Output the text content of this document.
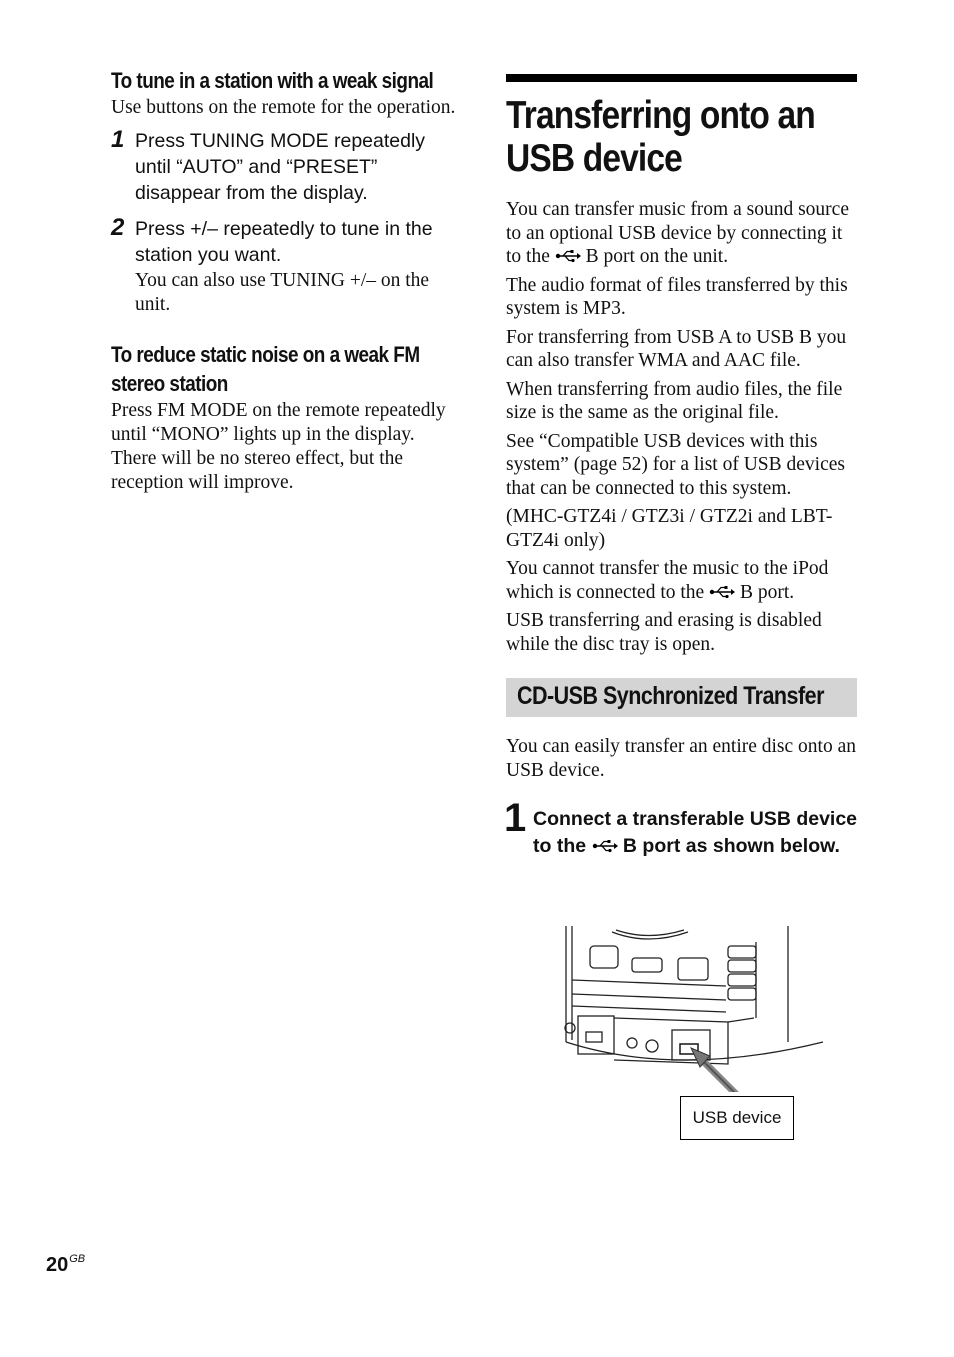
To tune in a station with a weak signal

Use buttons on the remote for the operation.

1 Press TUNING MODE repeatedly until “AUTO” and “PRESET” disappear from the display.

2 Press +/– repeatedly to tune in the station you want.

You can also use TUNING +/– on the unit.

To reduce static noise on a weak FM stereo station

Press FM MODE on the remote repeatedly until “MONO” lights up in the display. There will be no stereo effect, but the reception will improve.

Transferring onto an USB device

You can transfer music from a sound source to an optional USB device by connecting it to the B port on the unit.

The audio format of files transferred by this system is MP3.

For transferring from USB A to USB B you can also transfer WMA and AAC file.

When transferring from audio files, the file size is the same as the original file.

See “Compatible USB devices with this system” (page 52) for a list of USB devices that can be connected to this system.

(MHC-GTZ4i / GTZ3i / GTZ2i and LBT-GTZ4i only)

You cannot transfer the music to the iPod which is connected to the B port.

USB transferring and erasing is disabled while the disc tray is open.

CD-USB Synchronized Transfer

You can easily transfer an entire disc onto an USB device.

1 Connect a transferable USB device to the B port as shown below.

USB device
$20^{GB}$
